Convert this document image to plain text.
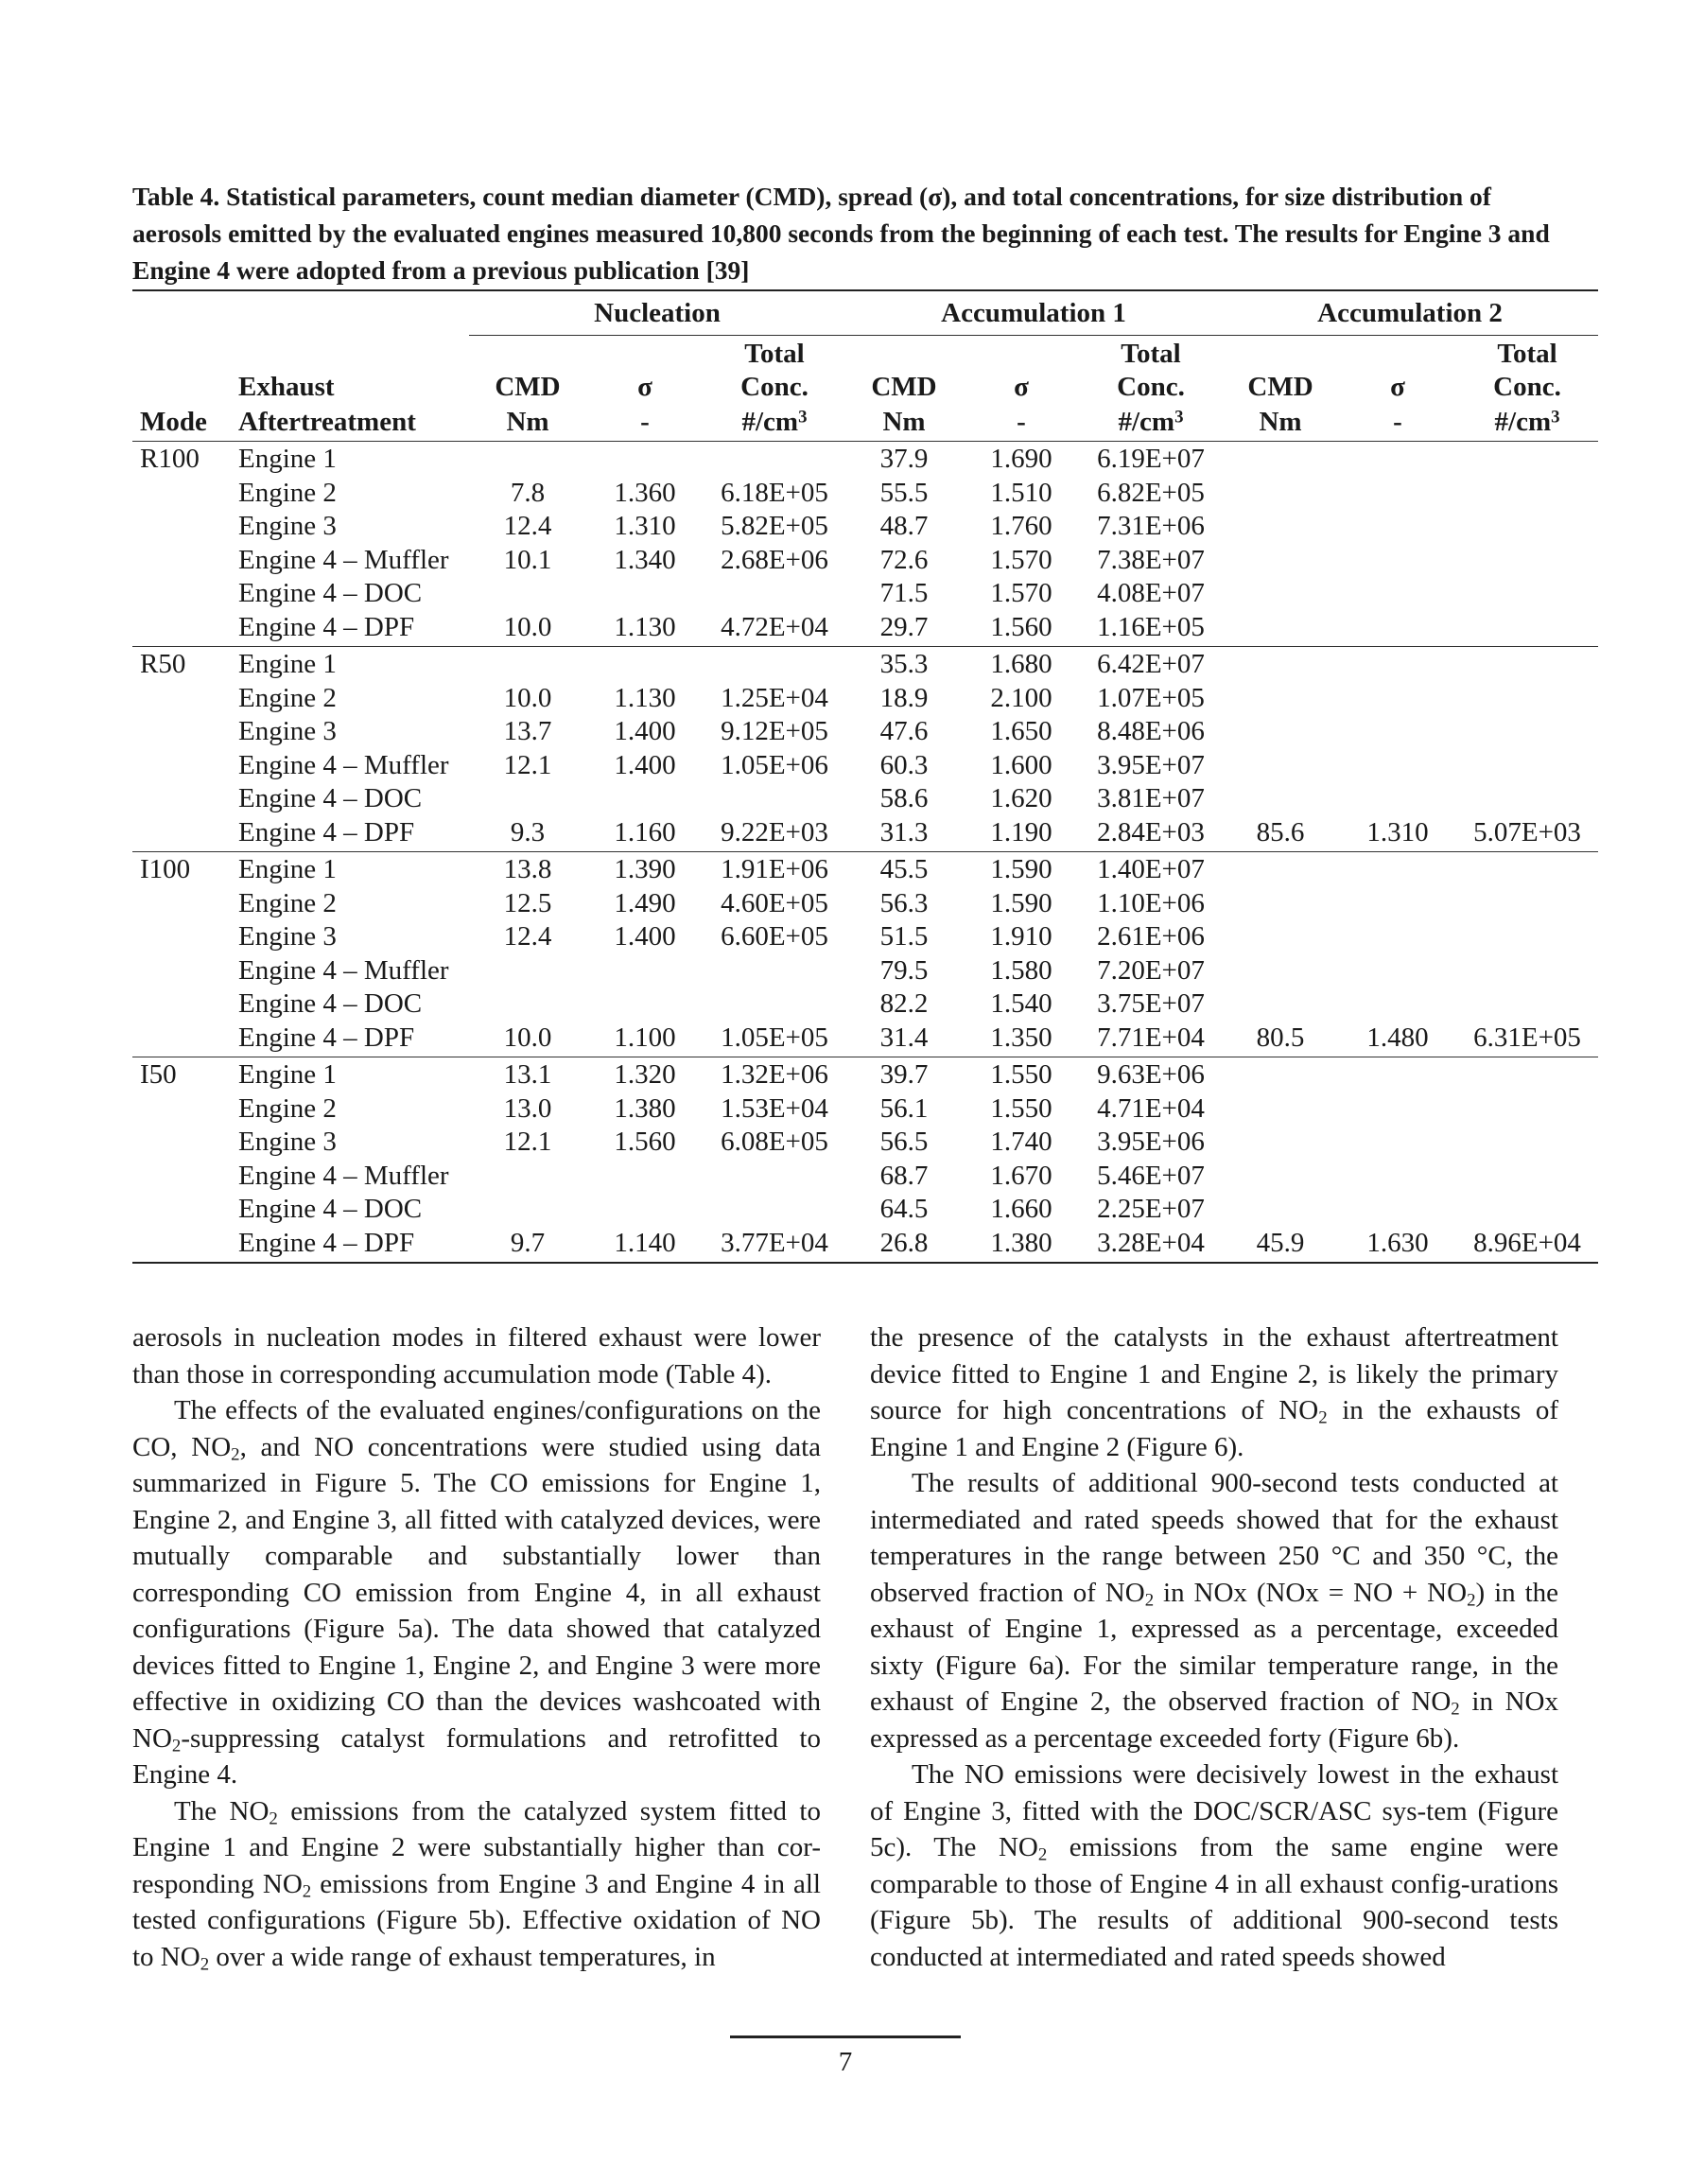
Table 4. Statistical parameters, count median diameter (CMD), spread (σ), and total concentrations, for size distribution of aerosols emitted by the evaluated engines measured 10,800 seconds from the beginning of each test. The results for Engine 3 and Engine 4 were adopted from a previous publication [39]

		Nucleation			Accumulation 1			Accumulation 2		
				Total			Total			Total
	Exhaust	CMD	σ	Conc.	CMD	σ	Conc.	CMD	σ	Conc.
Mode	Aftertreatment	Nm	-	$\#/cm^3$	Nm	-	$\#/cm^3$	Nm	-	$\#/cm^3$
R100	Engine 1				37.9	1.690	6.19E+07			
	Engine 2	7.8	1.360	6.18E+05	55.5	1.510	6.82E+05			
	Engine 3	12.4	1.310	5.82E+05	48.7	1.760	7.31E+06			
	Engine 4 – Muffler	10.1	1.340	2.68E+06	72.6	1.570	7.38E+07			
	Engine 4 – DOC				71.5	1.570	4.08E+07			
	Engine 4 – DPF	10.0	1.130	4.72E+04	29.7	1.560	1.16E+05			
R50	Engine 1				35.3	1.680	6.42E+07			
	Engine 2	10.0	1.130	1.25E+04	18.9	2.100	1.07E+05			
	Engine 3	13.7	1.400	9.12E+05	47.6	1.650	8.48E+06			
	Engine 4 – Muffler	12.1	1.400	1.05E+06	60.3	1.600	3.95E+07			
	Engine 4 – DOC				58.6	1.620	3.81E+07			
	Engine 4 – DPF	9.3	1.160	9.22E+03	31.3	1.190	2.84E+03	85.6	1.310	5.07E+03
I100	Engine 1	13.8	1.390	1.91E+06	45.5	1.590	1.40E+07			
	Engine 2	12.5	1.490	4.60E+05	56.3	1.590	1.10E+06			
	Engine 3	12.4	1.400	6.60E+05	51.5	1.910	2.61E+06			
	Engine 4 – Muffler				79.5	1.580	7.20E+07			
	Engine 4 – DOC				82.2	1.540	3.75E+07			
	Engine 4 – DPF	10.0	1.100	1.05E+05	31.4	1.350	7.71E+04	80.5	1.480	6.31E+05
I50	Engine 1	13.1	1.320	1.32E+06	39.7	1.550	9.63E+06			
	Engine 2	13.0	1.380	1.53E+04	56.1	1.550	4.71E+04			
	Engine 3	12.1	1.560	6.08E+05	56.5	1.740	3.95E+06			
	Engine 4 – Muffler				68.7	1.670	5.46E+07			
	Engine 4 – DOC				64.5	1.660	2.25E+07			
	Engine 4 – DPF	9.7	1.140	3.77E+04	26.8	1.380	3.28E+04	45.9	1.630	8.96E+04

aerosols in nucleation modes in filtered exhaust were lower than those in corresponding accumulation mode (Table 4).

The effects of the evaluated engines/configurations on the CO, $NO_2$, and NO concentrations were studied using data summarized in Figure 5. The CO emissions for Engine 1, Engine 2, and Engine 3, all fitted with catalyzed devices, were mutually comparable and substantially lower than corresponding CO emission from Engine 4, in all exhaust configurations (Figure 5a). The data showed that catalyzed devices fitted to Engine 1, Engine 2, and Engine 3 were more effective in oxidizing CO than the devices washcoated with $NO_2$-suppressing catalyst formulations and retrofitted to Engine 4.

The $NO_2$ emissions from the catalyzed system fitted to Engine 1 and Engine 2 were substantially higher than cor-responding $NO_2$ emissions from Engine 3 and Engine 4 in all tested configurations (Figure 5b). Effective oxidation of NO to $NO_2$ over a wide range of exhaust temperatures, in

the presence of the catalysts in the exhaust aftertreatment device fitted to Engine 1 and Engine 2, is likely the primary source for high concentrations of $NO_2$ in the exhausts of Engine 1 and Engine 2 (Figure 6).

The results of additional 900-second tests conducted at intermediated and rated speeds showed that for the exhaust temperatures in the range between 250 °C and 350 °C, the observed fraction of $NO_2$ in NOx (NOx = NO + $NO_2$) in the exhaust of Engine 1, expressed as a percentage, exceeded sixty (Figure 6a). For the similar temperature range, in the exhaust of Engine 2, the observed fraction of $NO_2$ in NOx expressed as a percentage exceeded forty (Figure 6b).

The NO emissions were decisively lowest in the exhaust of Engine 3, fitted with the DOC/SCR/ASC sys-tem (Figure 5c). The $NO_2$ emissions from the same engine were comparable to those of Engine 4 in all exhaust config-urations (Figure 5b). The results of additional 900-second tests conducted at intermediated and rated speeds showed

7
